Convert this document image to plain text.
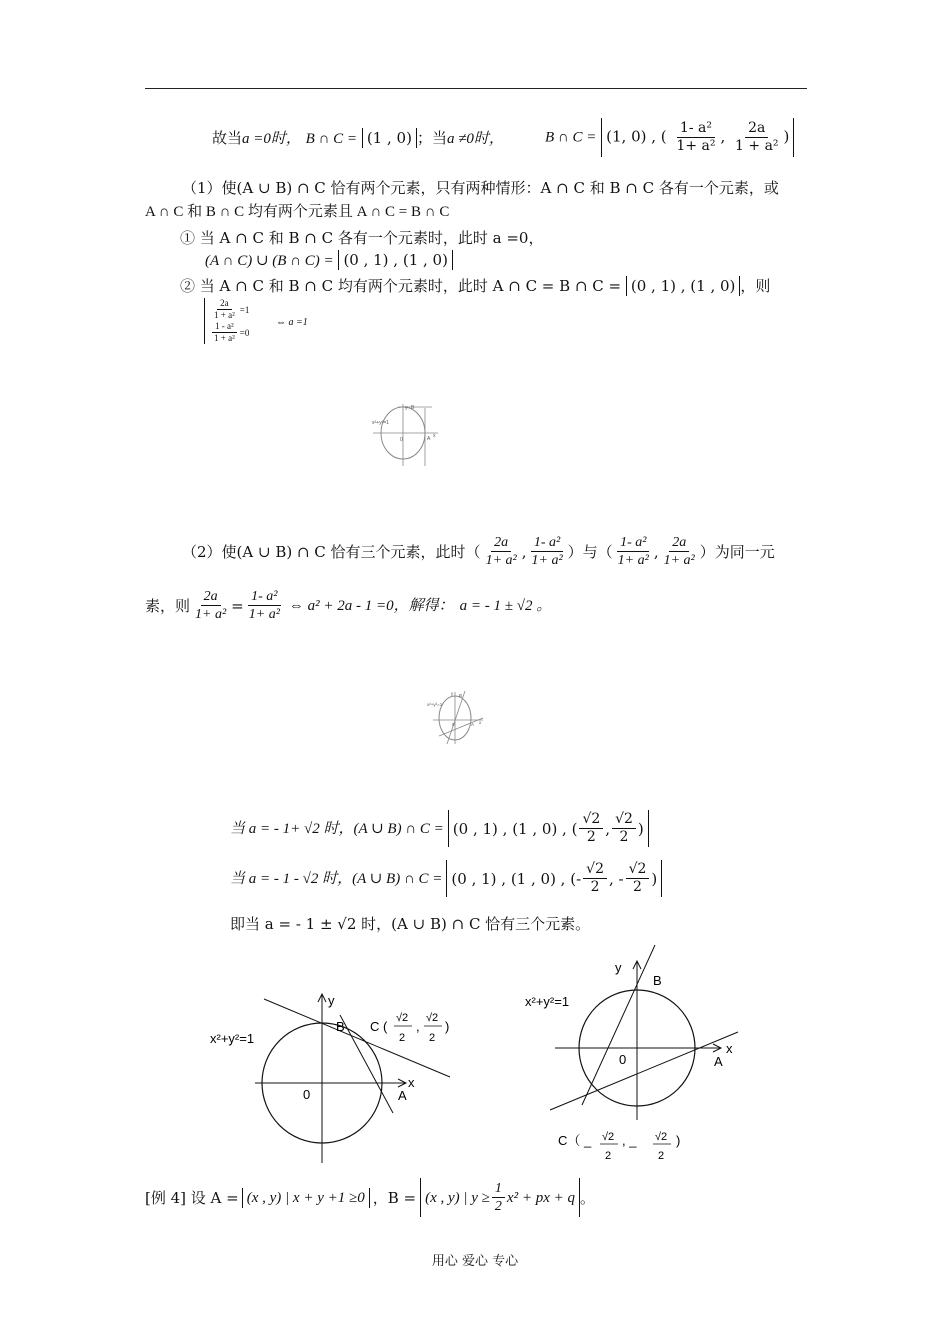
故当a =0时， B ∩ C = (1 , 0) ；当a ≠0时，	B ∩ C = (1, 0) , ( $\frac{\text{1- a²}}{\text{1+ a²}}$ , $\frac{2a}{\text{1 + a²}}$ )
（1）使(A ∪ B) ∩ C 恰有两个元素，只有两种情形：A ∩ C 和 B ∩ C 各有一个元素，或
A ∩ C 和 B ∩ C 均有两个元素且 A ∩ C = B ∩ C
① 当 A ∩ C 和 B ∩ C 各有一个元素时，此时 a =0，
(A ∩ C) ∪ (B ∩ C) = (0 , 1) , (1 , 0)
② 当 A ∩ C 和 B ∩ C 均有两个元素时，此时 A ∩ C = B ∩ C = (0 , 1) , (1 , 0) ，则
$\frac{2a}{\text{1 + a²}} =1$
$\frac{\text{1 - a²}}{\text{1 + a²}} =0$
⇔ a =1
x²+y²=1
y B
0	A x
（2）使(A ∪ B) ∩ C 恰有三个元素，此时（ $\frac{2a}{\text{1+ a²}}$ , $\frac{\text{1- a²}}{\text{1+ a²}}$ ）与（ $\frac{\text{1- a²}}{\text{1+ a²}}$ , $\frac{2a}{\text{1+ a²}}$ ）为同一元
素，则 $\frac{2a}{\text{1+ a²}} = \frac{\text{1- a²}}{\text{1+ a²}}$ ⇔ a² + 2a - 1 =0，解得： a = - 1 ± √2 。
x²+y²=1
y B
0	A x
当 a = - 1+ √2 时，(A ∪ B) ∩ C = (0 , 1) , (1 , 0) , ( $\frac{√2}{2}$ , $\frac{√2}{2}$ )
当 a = - 1 - √2 时，(A ∪ B) ∩ C = (0 , 1) , (1 , 0) , (- $\frac{√2}{2}$ , - $\frac{√2}{2}$ )
即当 a = - 1 ± √2 时，(A ∪ B) ∩ C 恰有三个元素。
x²+y²=1
y
B
0	A
x
C (
√2
2
,
√2
2
)
y
B
x²+y²=1
0	A
x
C（ _ √2
2
, _ √2
2
)
[例 4] 设 A = (x , y) | x + y +1 ≥0 ，B = (x , y) | $y \ge \frac{1}{2} x^2$ + px + q 。
用心 爱心 专心
